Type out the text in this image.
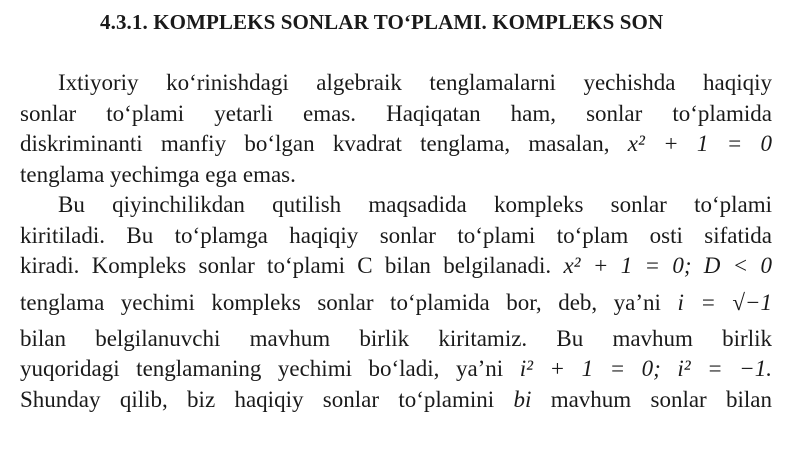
4.3.1. KOMPLEKS SONLAR TO‘PLAMI. KOMPLEKS SON
Ixtiyoriy ko‘rinishdagi algebraik tenglamalarni yechishda haqiqiy
sonlar to‘plami yetarli emas. Haqiqatan ham, sonlar to‘plamida
diskriminanti manfiy bo‘lgan kvadrat tenglama, masalan, x² + 1 = 0
tenglama yechimga ega emas.
Bu qiyinchilikdan qutilish maqsadida kompleks sonlar to‘plami
kiritiladi. Bu to‘plamga haqiqiy sonlar to‘plami to‘plam osti sifatida
kiradi. Kompleks sonlar to‘plami C bilan belgilanadi. x² + 1 = 0; D < 0
tenglama yechimi kompleks sonlar to‘plamida bor, deb, ya’ni i = √−1
bilan belgilanuvchi mavhum birlik kiritamiz. Bu mavhum birlik
yuqoridagi tenglamaning yechimi bo‘ladi, ya’ni i² + 1 = 0; i² = −1.
Shunday qilib, biz haqiqiy sonlar to‘plamini bi mavhum sonlar bilan
